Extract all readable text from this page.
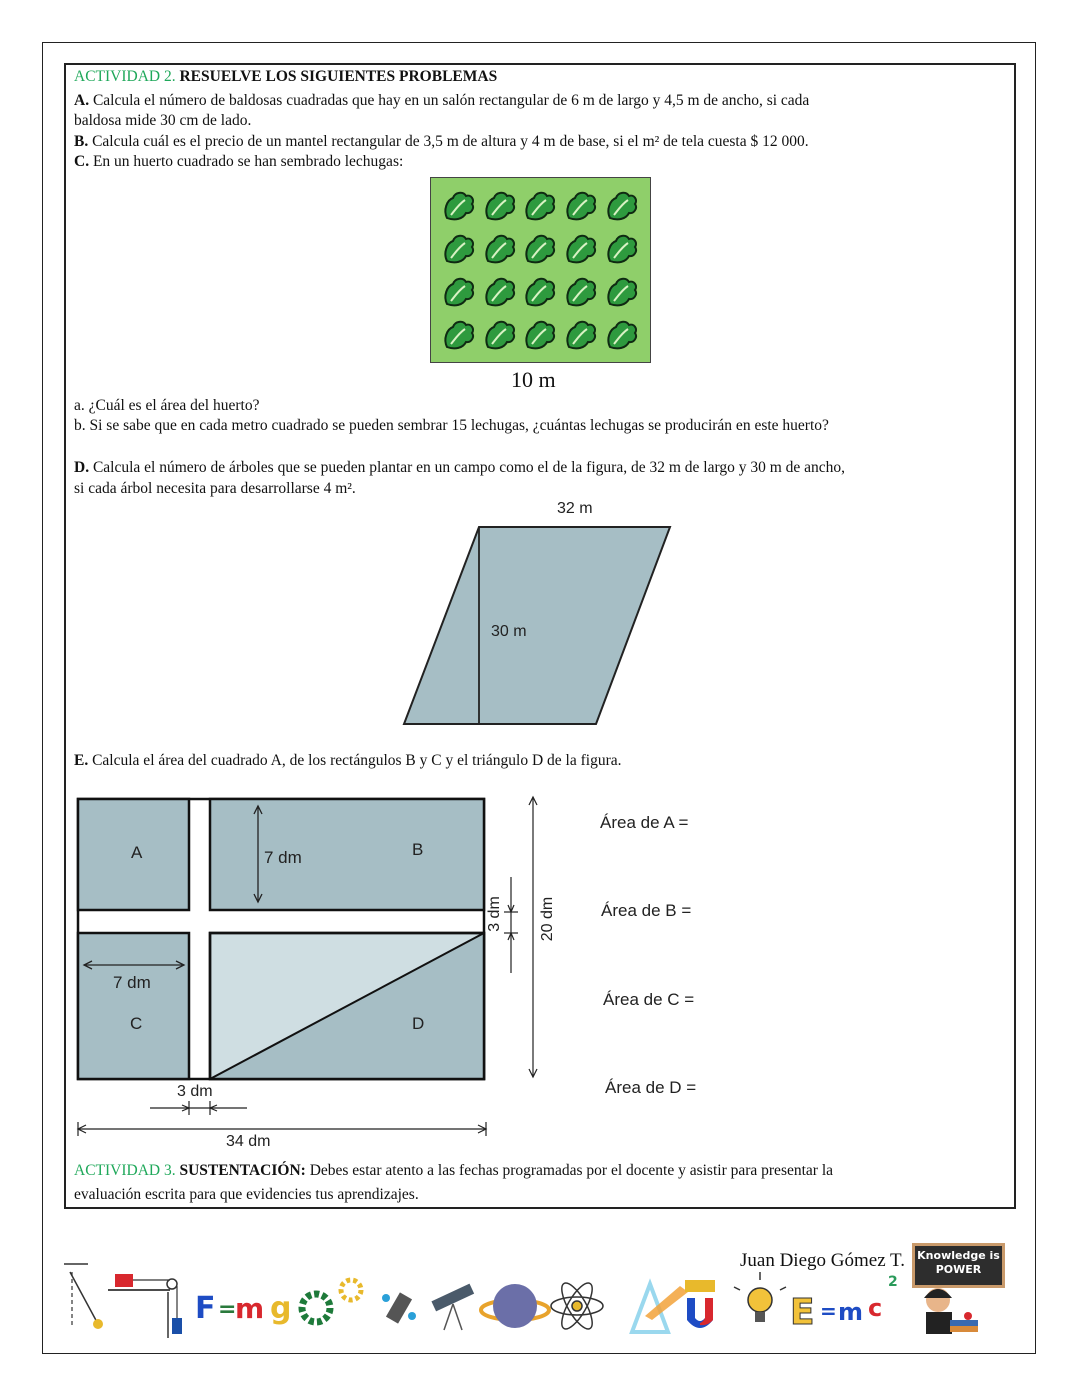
ACTIVIDAD 2. RESUELVE LOS SIGUIENTES PROBLEMAS
A. Calcula el número de baldosas cuadradas que hay en un salón rectangular de 6 m de largo y 4,5 m de ancho, si cada
baldosa mide 30 cm de lado.
B. Calcula cuál es el precio de un mantel rectangular de 3,5 m de altura y 4 m de base, si el m² de tela cuesta $ 12 000.
C. En un huerto cuadrado se han sembrado lechugas:
10 m
a. ¿Cuál es el área del huerto?
b. Si se sabe que en cada metro cuadrado se pueden sembrar 15 lechugas, ¿cuántas lechugas se producirán en este huerto?
D. Calcula el número de árboles que se pueden plantar en un campo como el de la figura, de 32 m de largo y 30 m de ancho,
si cada árbol necesita para desarrollarse 4 m².
32 m
30 m
E. Calcula el área del cuadrado A, de los rectángulos B y C y el triángulo D de la figura.
A	B
C	D
7 dm
7 dm
3 dm
34 dm
3 dm 20 dm
Área de A =
Área de B =
Área de C =
Área de D =
ACTIVIDAD 3. SUSTENTACIÓN: Debes estar atento a las fechas programadas por el docente y asistir para presentar la
evaluación escrita para que evidencies tus aprendizajes.
Juan Diego Gómez T. Knowledge is
POWER
F =
m g	E = m c
2
